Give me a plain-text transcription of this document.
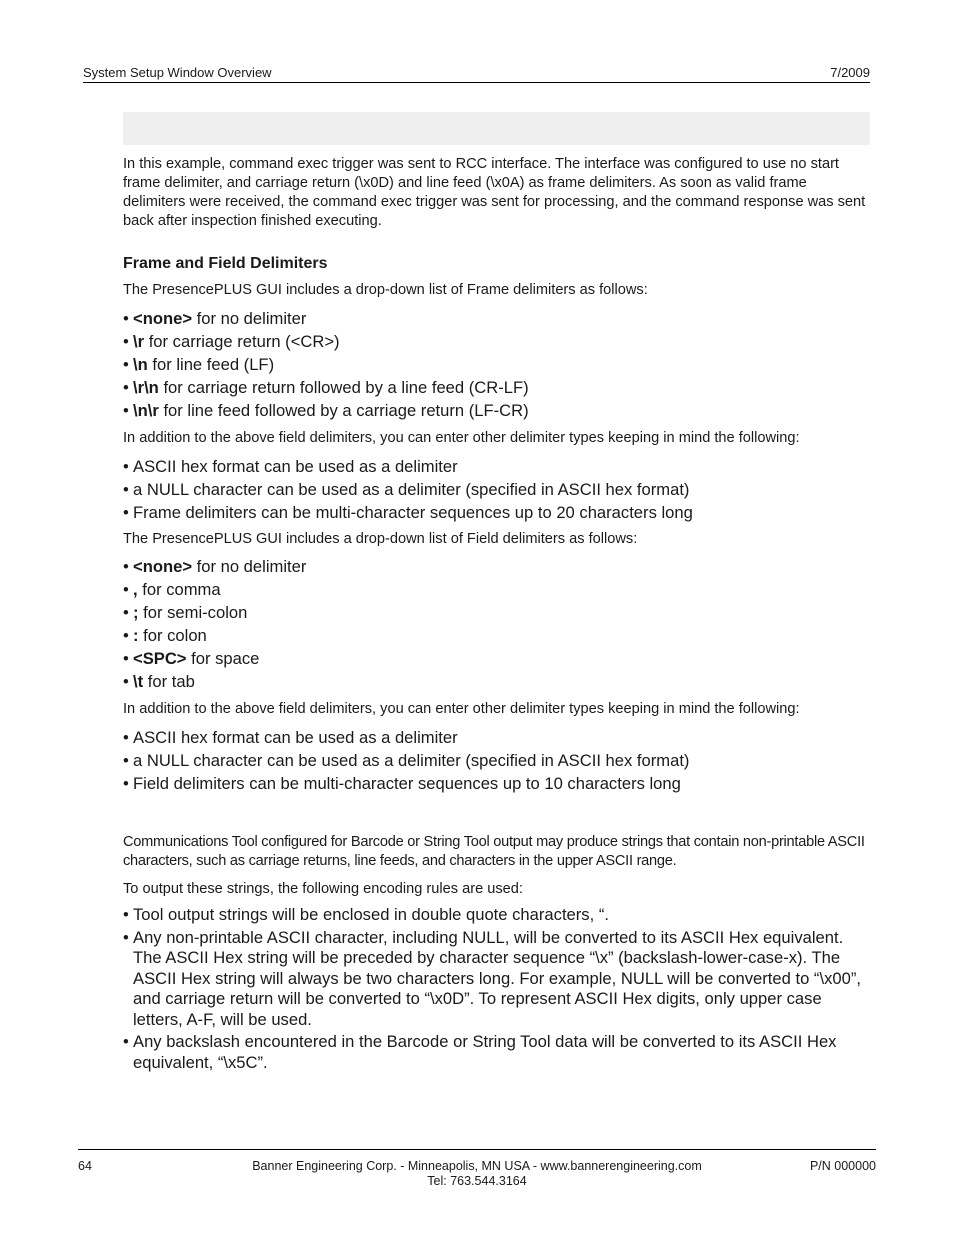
System Setup Window Overview	7/2009

In this example, command exec trigger was sent to RCC interface. The interface was configured to use no start frame delimiter, and carriage return (\x0D) and line feed (\x0A) as frame delimiters. As soon as valid frame delimiters were received, the command exec trigger was sent for processing, and the command response was sent back after inspection finished executing.

Frame and Field Delimiters

The PresencePLUS GUI includes a drop-down list of Frame delimiters as follows:

• <none> for no delimiter
• \r for carriage return (<CR>)
• \n for line feed (LF)
• \r\n for carriage return followed by a line feed (CR-LF)
• \n\r for line feed followed by a carriage return (LF-CR)

In addition to the above field delimiters, you can enter other delimiter types keeping in mind the following:

• ASCII hex format can be used as a delimiter
• a NULL character can be used as a delimiter (specified in ASCII hex format)
• Frame delimiters can be multi-character sequences up to 20 characters long

The PresencePLUS GUI includes a drop-down list of Field delimiters as follows:

• <none> for no delimiter
• , for comma
• ; for semi-colon
• : for colon
• <SPC> for space
• \t for tab

In addition to the above field delimiters, you can enter other delimiter types keeping in mind the following:

• ASCII hex format can be used as a delimiter
• a NULL character can be used as a delimiter (specified in ASCII hex format)
• Field delimiters can be multi-character sequences up to 10 characters long

Communications Tool configured for Barcode or String Tool output may produce strings that contain non-printable ASCII characters, such as carriage returns, line feeds, and characters in the upper ASCII range.

To output these strings, the following encoding rules are used:

• Tool output strings will be enclosed in double quote characters, “.
• Any non-printable ASCII character, including NULL, will be converted to its ASCII Hex equivalent. The ASCII Hex string will be preceded by character sequence “\x” (backslash-lower-case-x). The ASCII Hex string will always be two characters long. For example, NULL will be converted to “\x00”, and carriage return will be converted to “\x0D”. To represent ASCII Hex digits, only upper case letters, A-F, will be used.
• Any backslash encountered in the Barcode or String Tool data will be converted to its ASCII Hex equivalent, “\x5C”.
64	Banner Engineering Corp. - Minneapolis, MN USA - www.bannerengineering.com
Tel: 763.544.3164
P/N 000000
